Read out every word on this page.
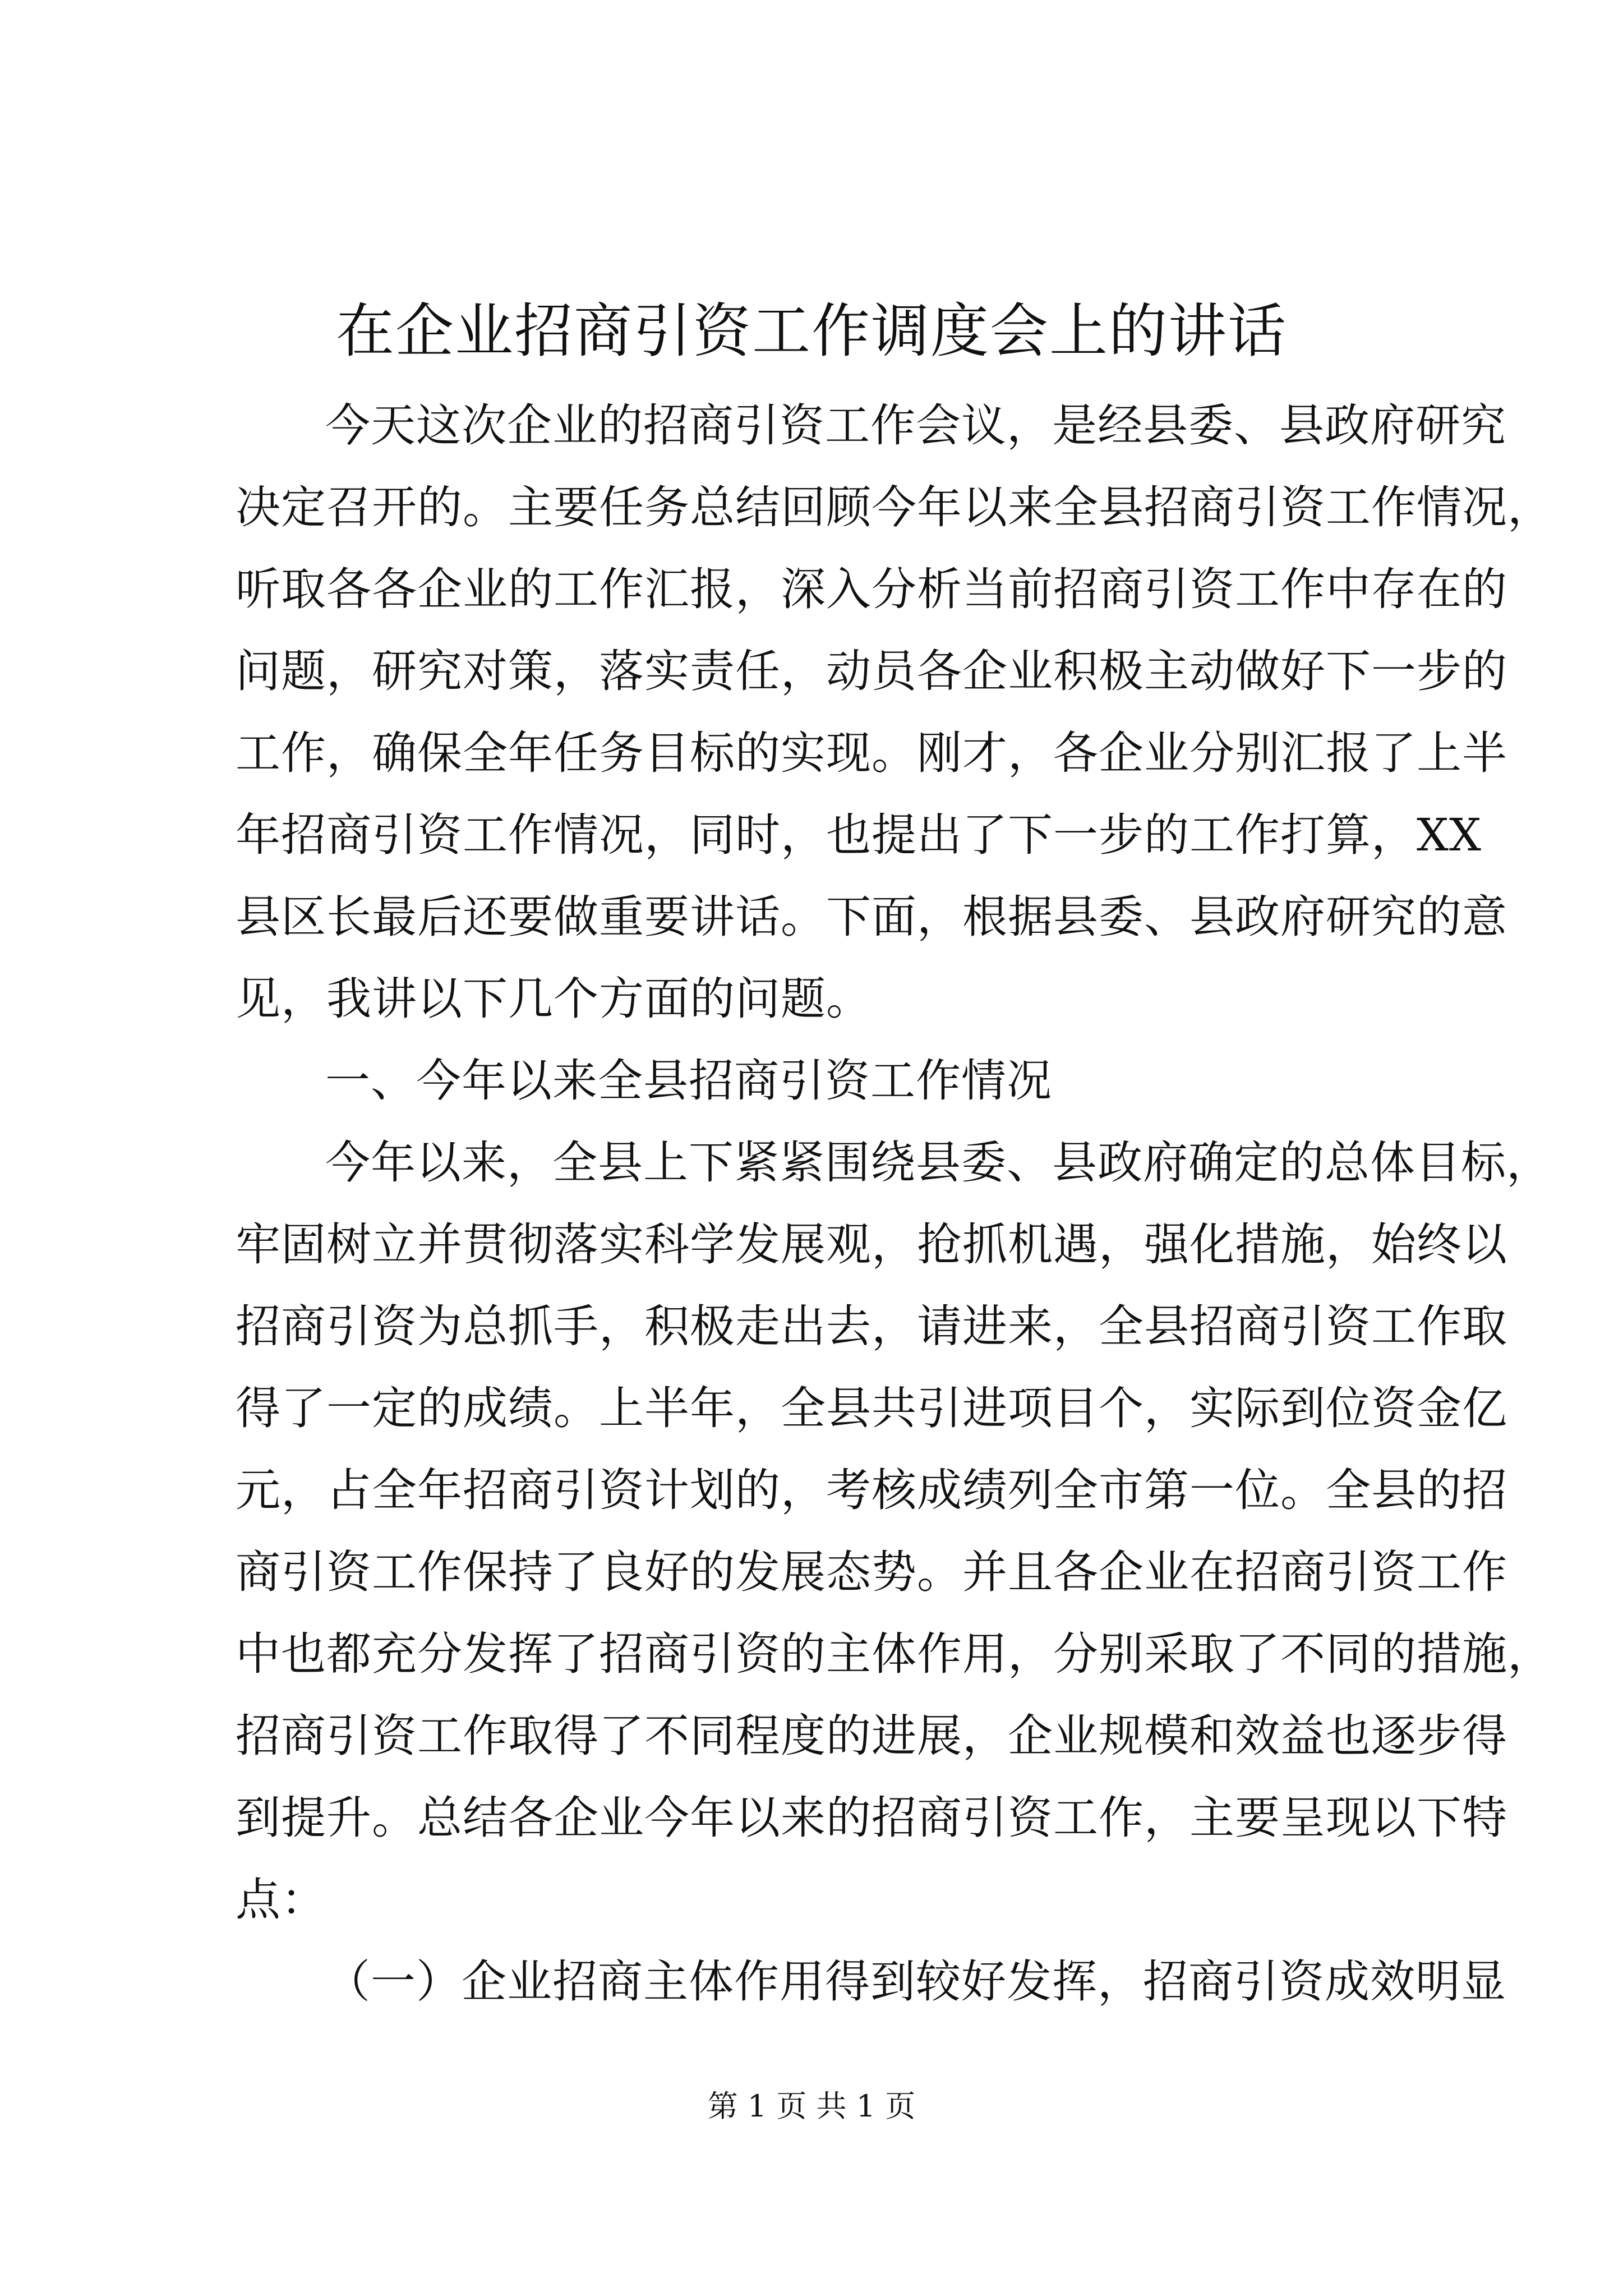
在企业招商引资工作调度会上的讲话
今天这次企业的招商引资工作会议，是经县委、县政府研究
决定召开的。主要任务总结回顾今年以来全县招商引资工作情况，
听取各各企业的工作汇报，深入分析当前招商引资工作中存在的
问题，研究对策，落实责任，动员各企业积极主动做好下一步的
工作，确保全年任务目标的实现。刚才，各企业分别汇报了上半
年招商引资工作情况，同时，也提出了下一步的工作打算，XX
县区长最后还要做重要讲话。下面，根据县委、县政府研究的意
见，我讲以下几个方面的问题。
一、今年以来全县招商引资工作情况
今年以来，全县上下紧紧围绕县委、县政府确定的总体目标，
牢固树立并贯彻落实科学发展观，抢抓机遇，强化措施，始终以
招商引资为总抓手，积极走出去，请进来，全县招商引资工作取
得了一定的成绩。上半年，全县共引进项目个，实际到位资金亿
元，占全年招商引资计划的，考核成绩列全市第一位。全县的招
商引资工作保持了良好的发展态势。并且各企业在招商引资工作
中也都充分发挥了招商引资的主体作用，分别采取了不同的措施，
招商引资工作取得了不同程度的进展，企业规模和效益也逐步得
到提升。总结各企业今年以来的招商引资工作，主要呈现以下特
点：
（一）企业招商主体作用得到较好发挥，招商引资成效明显
第 1 页 共 1 页
